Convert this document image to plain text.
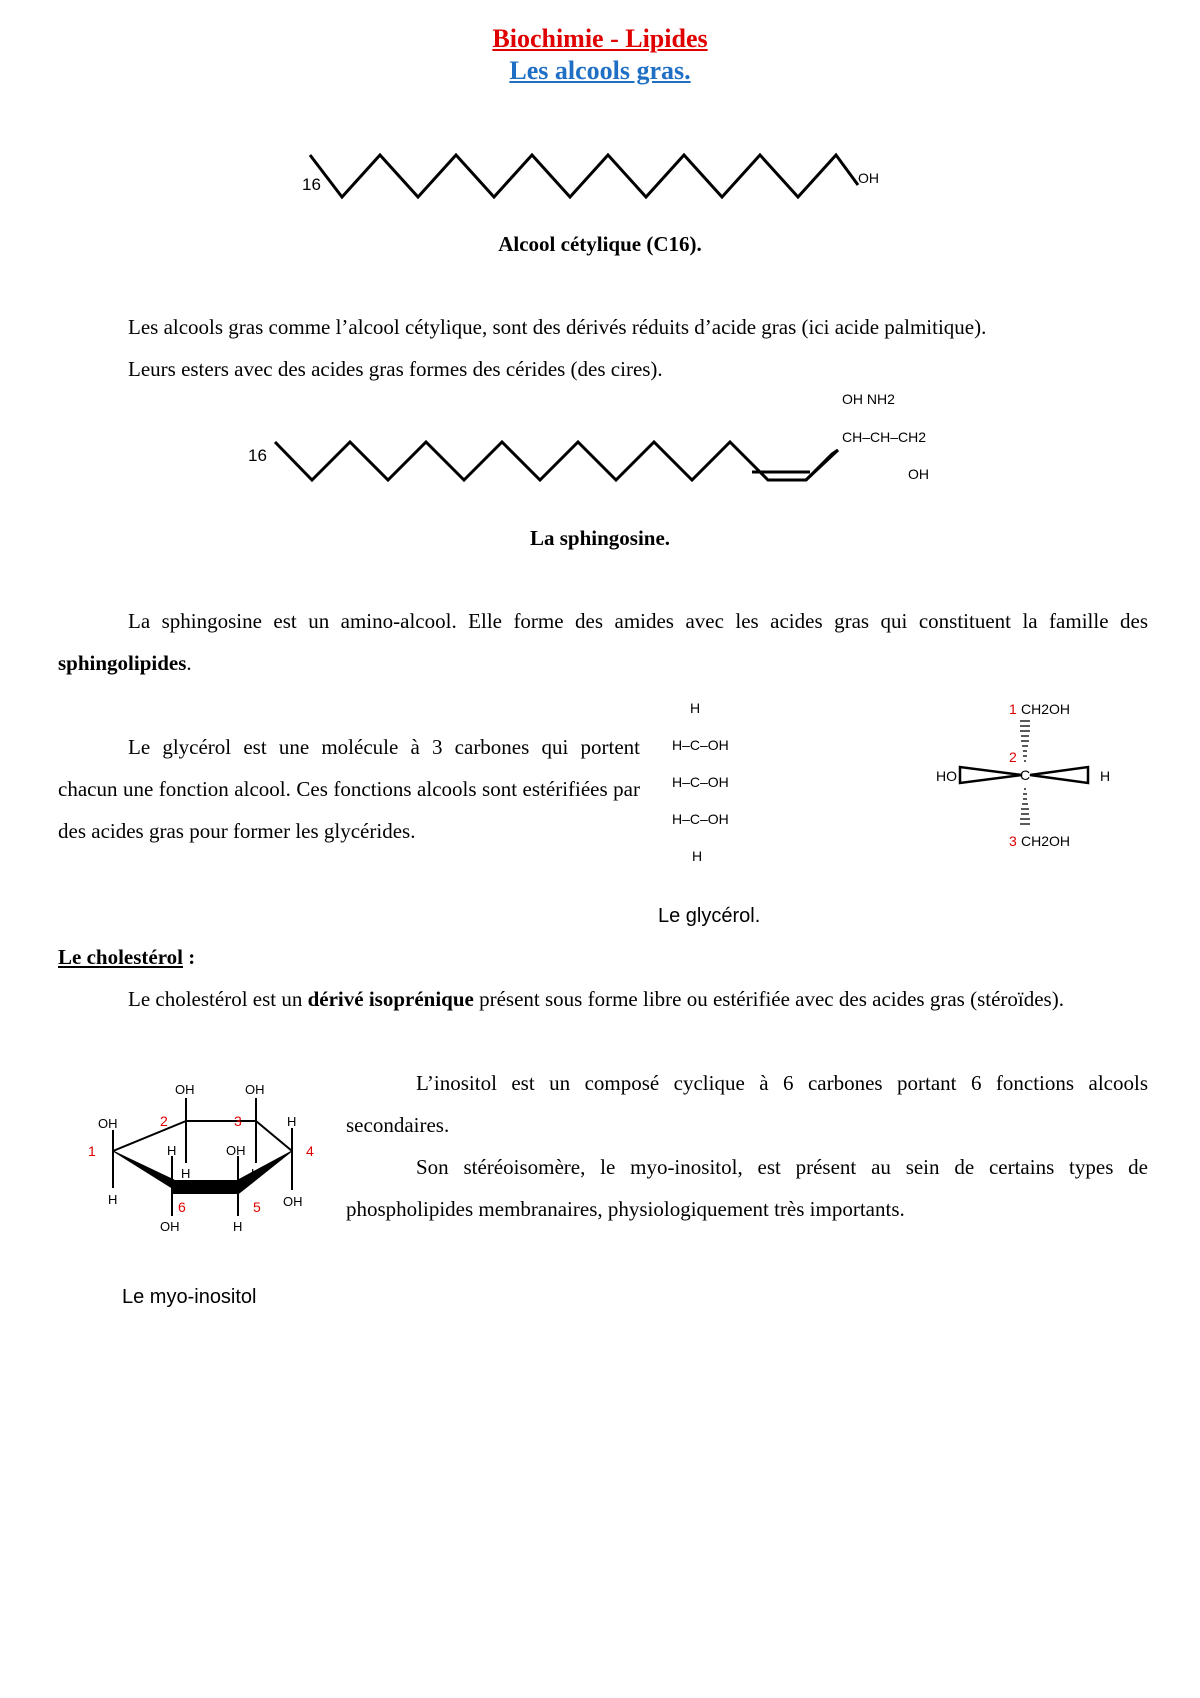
Biochimie - Lipides
Les alcools gras.
16	OH
Alcool cétylique (C16).
Les alcools gras comme l’alcool cétylique, sont des dérivés réduits d’acide gras (ici acide palmitique).
Leurs esters avec des acides gras formes des cérides (des cires).
16
OH NH2
CH–CH–CH2
OH
La sphingosine.
La sphingosine est un amino-alcool. Elle forme des amides avec les acides gras qui constituent la famille des sphingolipides.
Le glycérol est une molécule à 3 carbones qui portent chacun une fonction alcool. Ces fonctions alcools sont estérifiées par des acides gras pour former les glycérides.
H
H–C–OH
H–C–OH
H–C–OH
H
1 CH2OH
2
HO	C	H
3 CH2OH
Le glycérol.
Le cholestérol :
Le cholestérol est un dérivé isoprénique présent sous forme libre ou estérifiée avec des acides gras (stéroïdes).
OH	OH
OH	H
H	H
H	OH
H	OH
OH	H
1
2	3
4
5
6
L’inositol est un composé cyclique à 6 carbones portant 6 fonctions alcools secondaires.
Son stéréoisomère, le myo-inositol, est présent au sein de certains types de phospholipides membranaires, physiologiquement très importants.
Le myo-inositol
